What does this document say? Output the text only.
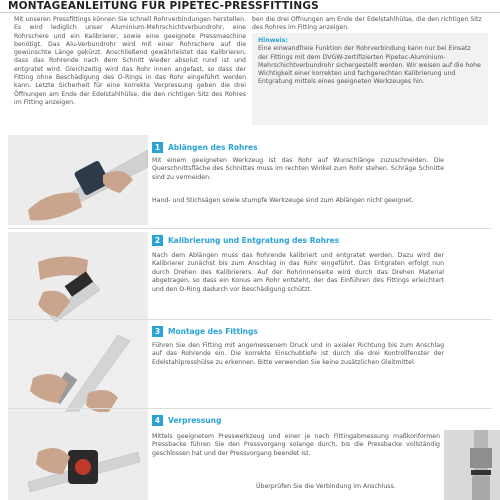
MONTAGEANLEITUNG FÜR PIPETEC-PRESSFITTINGS
Mit unseren Pressfittings können Sie schnell Rohrverbindungen herstellen. Es wird lediglich unser Aluminium-Mehrschichtverbundrohr, eine Rohrschere und ein Kalibrierer, sowie eine geeignete Pressmaschine benötigt. Das Alu-Verbundrohr wird mit einer Rohrschere auf die gewünschte Länge gekürzt. Anschließend gewährleistet das Kalibrieren, dass das Rohrende nach dem Schnitt wieder absolut rund ist und entgratet wird. Gleichzeitig wird das Rohr innen angefast, so dass der Fitting ohne Beschädigung des O-Rings in das Rohr eingeführt werden kann. Letzte Sicherheit für eine korrekte Verpressung geben die drei Öffnungen am Ende der Edelstahlhülse, die den richtigen Sitz des Rohres im Fitting anzeigen.
ben die drei Öffnungen am Ende der Edelstahlhülse, die den richtigen Sitz des Rohres im Fitting anzeigen.
Hinweis:
Eine einwandfreie Funktion der Rohrverbindung kann nur bei Einsatz der Fittings mit dem DVGW-zertifizierten Pipetec-Aluminium-Mehrschichtverbundrohr sichergestellt werden. Wir weisen auf die hohe Wichtigkeit einer korrekten und fachgerechten Kalibrierung und Entgratung mittels eines geeigneten Werkzeuges hin.
1	Ablängen des Rohres
Mit einem geeigneten Werkzeug ist das Rohr auf Wunschlänge zuzuschneiden. Die Querschnittsfläche des Schnittes muss im rechten Winkel zum Rohr stehen. Schräge Schnitte sind zu vermeiden.
Hand- und Stichsägen sowie stumpfe Werkzeuge sind zum Ablängen nicht geeignet.
2	Kalibrierung und Entgratung des Rohres
Nach dem Ablängen muss das Rohrende kalibriert und entgratet werden. Dazu wird der Kalibrierer zunächst bis zum Anschlag in das Rohr eingeführt. Das Entgraten erfolgt nun durch Drehen des Kalibrierers. Auf der Rohrinnenseite wird durch das Drehen Material abgetragen, so dass ein Konus am Rohr entsteht, der das Einführen des Fittings erleichtert und den O-Ring dadurch vor Beschädigung schützt.
3	Montage des Fittings
Führen Sie den Fitting mit angemessenem Druck und in axialer Richtung bis zum Anschlag auf das Rohrende ein. Die korrekte Einschubtiefe ist durch die drei Kontrollfenster der Edelstahlpresshülse zu erkennen. Bitte verwenden Sie keine zusätzlichen Gleitmittel.
4	Verpressung
Mittels geeignetem Presswerkzeug und einer je nach Fittingabmessung maßkonformen Pressbacke führen Sie den Pressvorgang solange durch, bis die Pressbacke vollständig geschlossen hat und der Pressvorgang beendet ist.
Überprüfen Sie die Verbindung im Anschluss.
